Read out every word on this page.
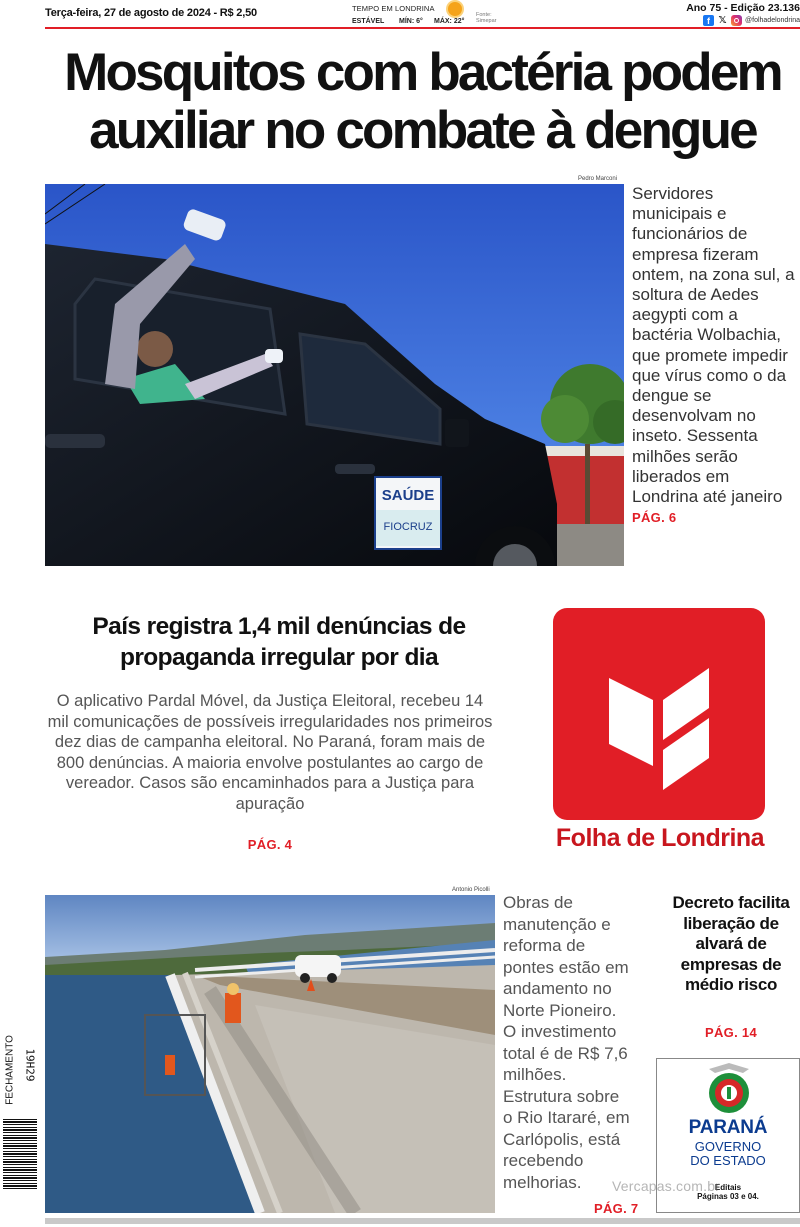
Terça-feira, 27 de agosto de 2024 - R$ 2,50	TEMPO EM LONDRINA
ESTÁVEL MÍN: 6° MÁX: 22°
Fonte: Simepar
Ano 75 - Edição 23.136
f 𝕏	@folhadelondrina
Mosquitos com bactéria podem auxiliar no combate à dengue
Pedro Marconi
SAÚDE
FIOCRUZ
Servidores municipais e funcionários de empresa fizeram ontem, na zona sul, a soltura de Aedes aegypti com a bactéria Wolbachia, que promete impedir que vírus como o da dengue se desenvolvam no inseto. Sessenta milhões serão liberados em Londrina até janeiro
PÁG. 6
País registra 1,4 mil denúncias de propaganda irregular por dia

O aplicativo Pardal Móvel, da Justiça Eleitoral, recebeu 14 mil comunicações de possíveis irregularidades nos primeiros dez dias de campanha eleitoral. No Paraná, foram mais de 800 denúncias. A maioria envolve postulantes ao cargo de vereador. Casos são encaminhados para a Justiça para apuração

PÁG. 4	Folha de Londrina
Antonio Picolli
Obras de manutenção e reforma de pontes estão em andamento no Norte Pioneiro. O investimento total é de R$ 7,6 milhões. Estrutura sobre o Rio Itararé, em Carlópolis, está recebendo melhorias.
PÁG. 7
Decreto facilita liberação de alvará de empresas de médio risco
PÁG. 14
PARANÁ
GOVERNO
DO ESTADO
Editais
Páginas 03 e 04.
Vercapas.com.br
FECHAMENTO 19H29
